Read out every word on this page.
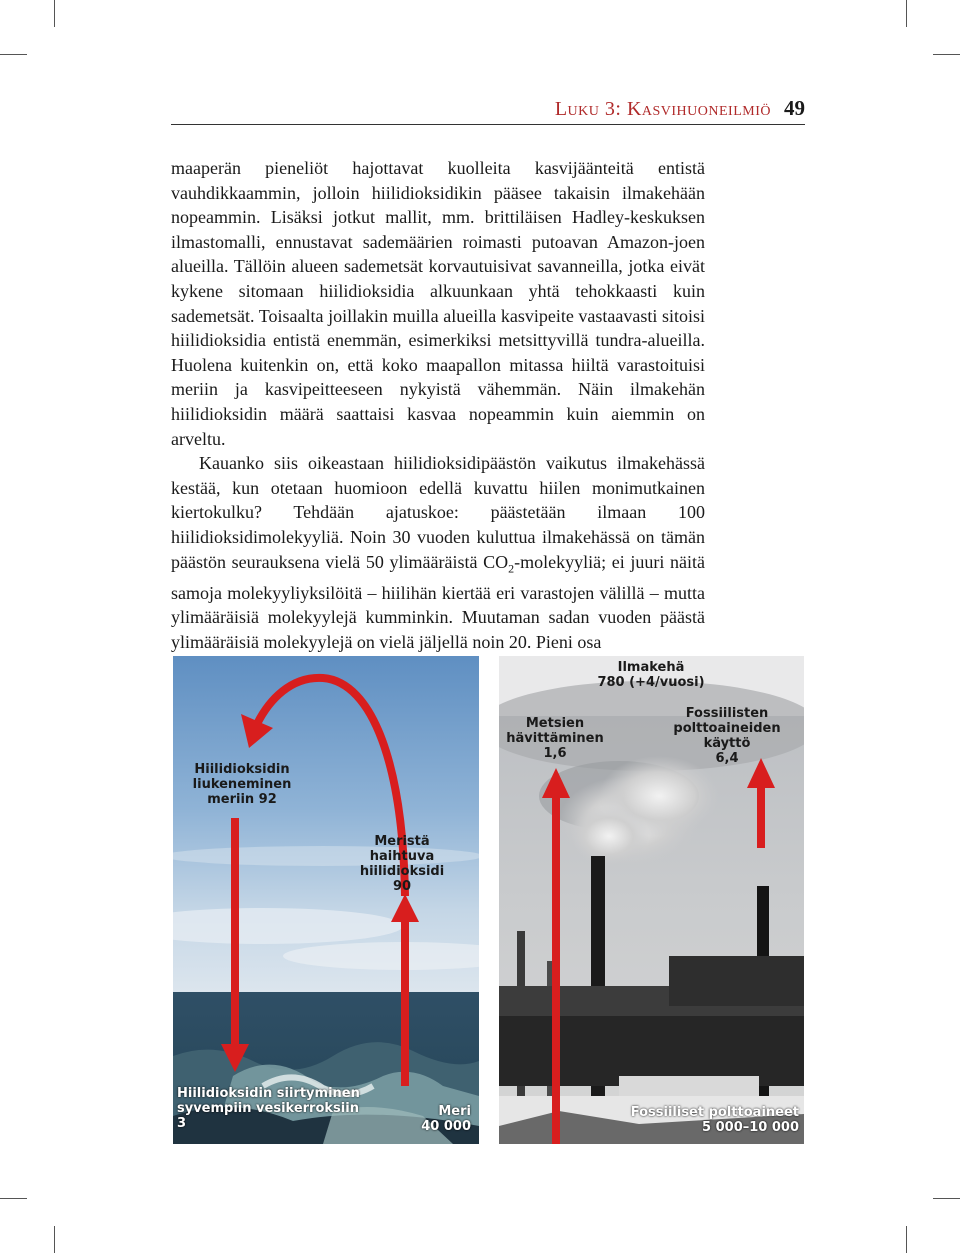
Luku 3: Kasvihuoneilmiö 49

maaperän pieneliöt hajottavat kuolleita kasvijäänteitä entistä vauhdikkaammin, jolloin hiilidioksidikin pääsee takaisin ilmakehään nopeammin. Lisäksi jotkut mallit, mm. brittiläisen Hadley-keskuksen ilmastomalli, ennustavat sademäärien roimasti putoavan Amazon-joen alueilla. Tällöin alueen sademetsät korvautuisivat savanneilla, jotka eivät kykene sitomaan hiilidioksidia alkuunkaan yhtä tehokkaasti kuin sademetsät. Toisaalta joillakin muilla alueilla kasvipeite vastaavasti sitoisi hiilidioksidia entistä enemmän, esimerkiksi metsittyvillä tundra-alueilla. Huolena kuitenkin on, että koko maapallon mitassa hiiltä varastoituisi meriin ja kasvipeitteeseen nykyistä vähemmän. Näin ilmakehän hiilidioksidin määrä saattaisi kasvaa nopeammin kuin aiemmin on arveltu.

Kauanko siis oikeastaan hiilidioksidipäästön vaikutus ilmakehässä kestää, kun otetaan huomioon edellä kuvattu hiilen monimutkainen kiertokulku? Tehdään ajatuskoe: päästetään ilmaan 100 hiilidioksidimolekyyliä. Noin 30 vuoden kuluttua ilmakehässä on tämän päästön seurauksena vielä 50 ylimääräistä $CO_2$-molekyyliä; ei juuri näitä samoja molekyyliyksilöitä – hiilihän kiertää eri varastojen välillä – mutta ylimääräisiä molekyylejä kumminkin. Muutaman sadan vuoden päästä ylimääräisiä molekyylejä on vielä jäljellä noin 20. Pieni osa

Hiilidioksidin
liukeneminen
meriin 92
Meristä
haihtuva
hiilidioksidi
90
Hiilidioksidin siirtyminen
syvempiin vesikerroksiin
3
Meri
40 000
Ilmakehä
780 (+4/vuosi)
Metsien
hävittäminen
1,6
Fossiilisten
polttoaineiden
käyttö
6,4
Fossiiliset polttoaineet
5 000–10 000
